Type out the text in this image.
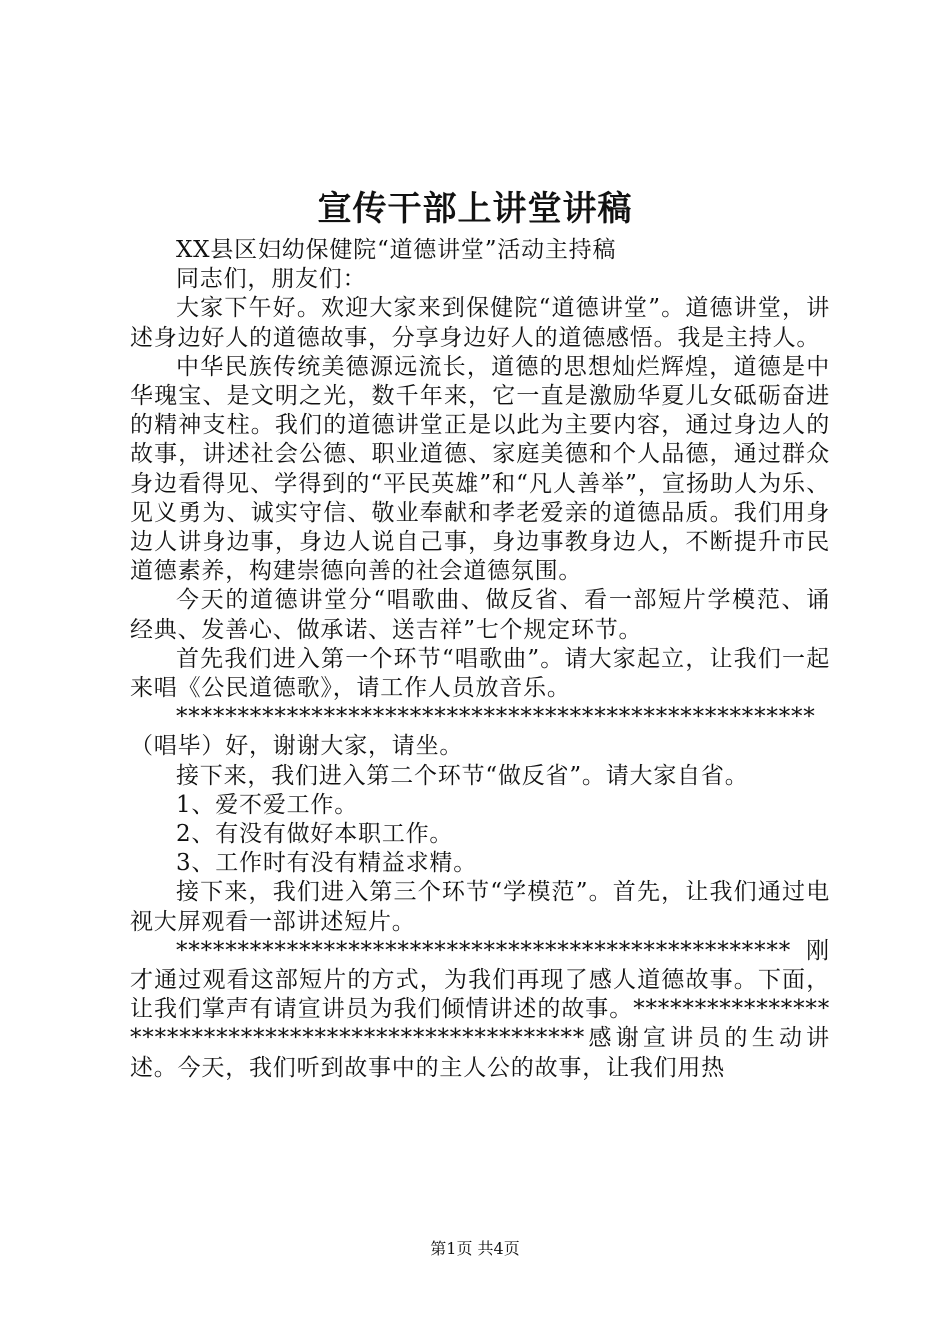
宣传干部上讲堂讲稿

XX县区妇幼保健院“道德讲堂”活动主持稿

同志们，朋友们：

大家下午好。欢迎大家来到保健院“道德讲堂”。道德讲堂，讲述身边好人的道德故事，分享身边好人的道德感悟。我是主持人。

中华民族传统美德源远流长，道德的思想灿烂辉煌，道德是中华瑰宝、是文明之光，数千年来，它一直是激励华夏儿女砥砺奋进的精神支柱。我们的道德讲堂正是以此为主要内容，通过身边人的故事，讲述社会公德、职业道德、家庭美德和个人品德，通过群众身边看得见、学得到的“平民英雄”和“凡人善举”，宣扬助人为乐、见义勇为、诚实守信、敬业奉献和孝老爱亲的道德品质。我们用身边人讲身边事，身边人说自己事，身边事教身边人，不断提升市民道德素养，构建崇德向善的社会道德氛围。

今天的道德讲堂分“唱歌曲、做反省、看一部短片学模范、诵经典、发善心、做承诺、送吉祥”七个规定环节。

首先我们进入第一个环节“唱歌曲”。请大家起立，让我们一起来唱《公民道德歌》，请工作人员放音乐。

****************************************************（唱毕）好，谢谢大家，请坐。

接下来，我们进入第二个环节“做反省”。请大家自省。

1、爱不爱工作。

2、有没有做好本职工作。

3、工作时有没有精益求精。

接下来，我们进入第三个环节“学模范”。首先，让我们通过电视大屏观看一部讲述短片。

**************************************************刚才通过观看这部短片的方式，为我们再现了感人道德故事。下面，让我们掌声有请宣讲员为我们倾情讲述的故事。*****************************************************感谢宣讲员的生动讲述。今天，我们听到故事中的主人公的故事，让我们用热

第1页 共4页
